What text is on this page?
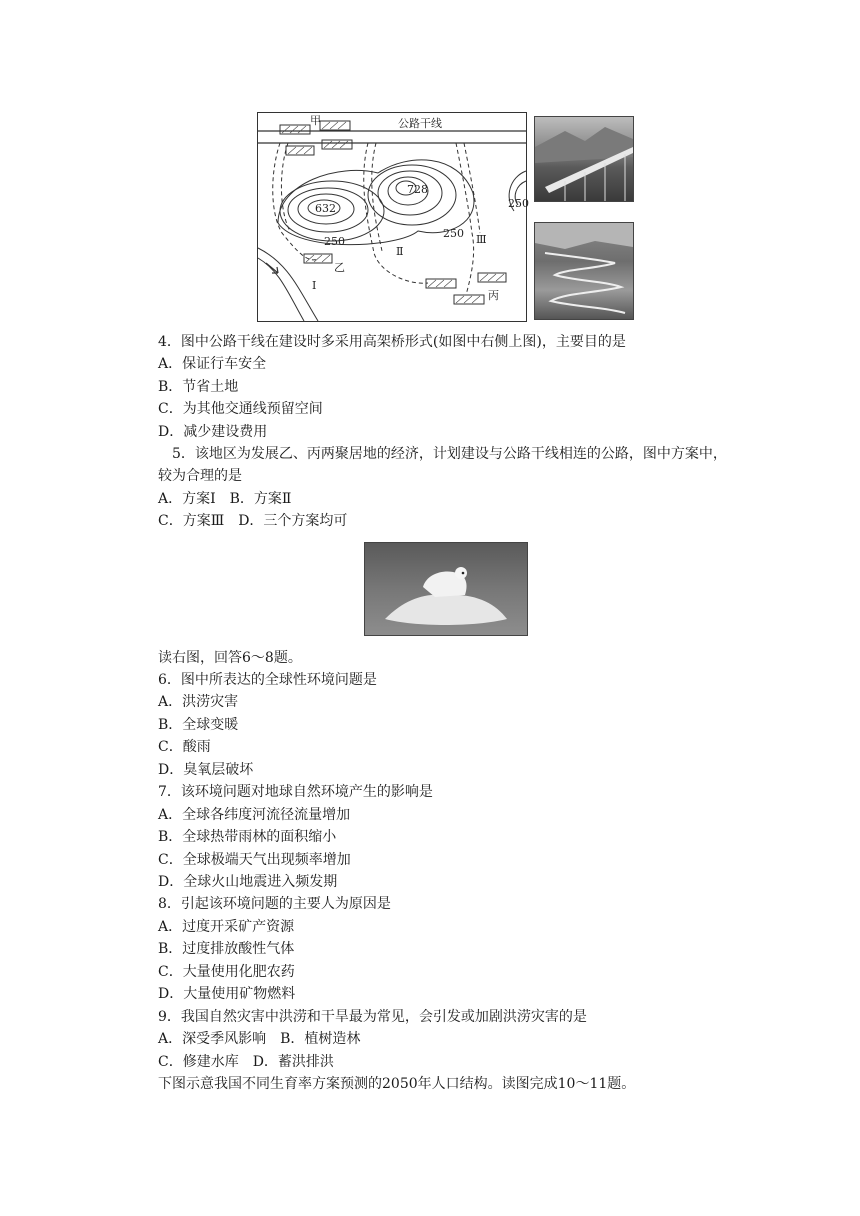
甲	公路干线
632
728
250
250
250
乙
丙
Ⅰ
Ⅱ
Ⅲ
4．图中公路干线在建设时多采用高架桥形式(如图中右侧上图)，主要目的是
A．保证行车安全
B．节省土地
C．为其他交通线预留空间
D．减少建设费用
5．该地区为发展乙、丙两聚居地的经济，计划建设与公路干线相连的公路，图中方案中，较为合理的是
A．方案Ⅰ　B．方案Ⅱ
C．方案Ⅲ　D．三个方案均可
读右图，回答6～8题。
6．图中所表达的全球性环境问题是
A．洪涝灾害
B．全球变暖
C．酸雨
D．臭氧层破坏
7．该环境问题对地球自然环境产生的影响是
A．全球各纬度河流径流量增加
B．全球热带雨林的面积缩小
C．全球极端天气出现频率增加
D．全球火山地震进入频发期
8．引起该环境问题的主要人为原因是
A．过度开采矿产资源
B．过度排放酸性气体
C．大量使用化肥农药
D．大量使用矿物燃料
9．我国自然灾害中洪涝和干旱最为常见，会引发或加剧洪涝灾害的是
A．深受季风影响　B．植树造林
C．修建水库　D．蓄洪排洪
下图示意我国不同生育率方案预测的2050年人口结构。读图完成10～11题。
